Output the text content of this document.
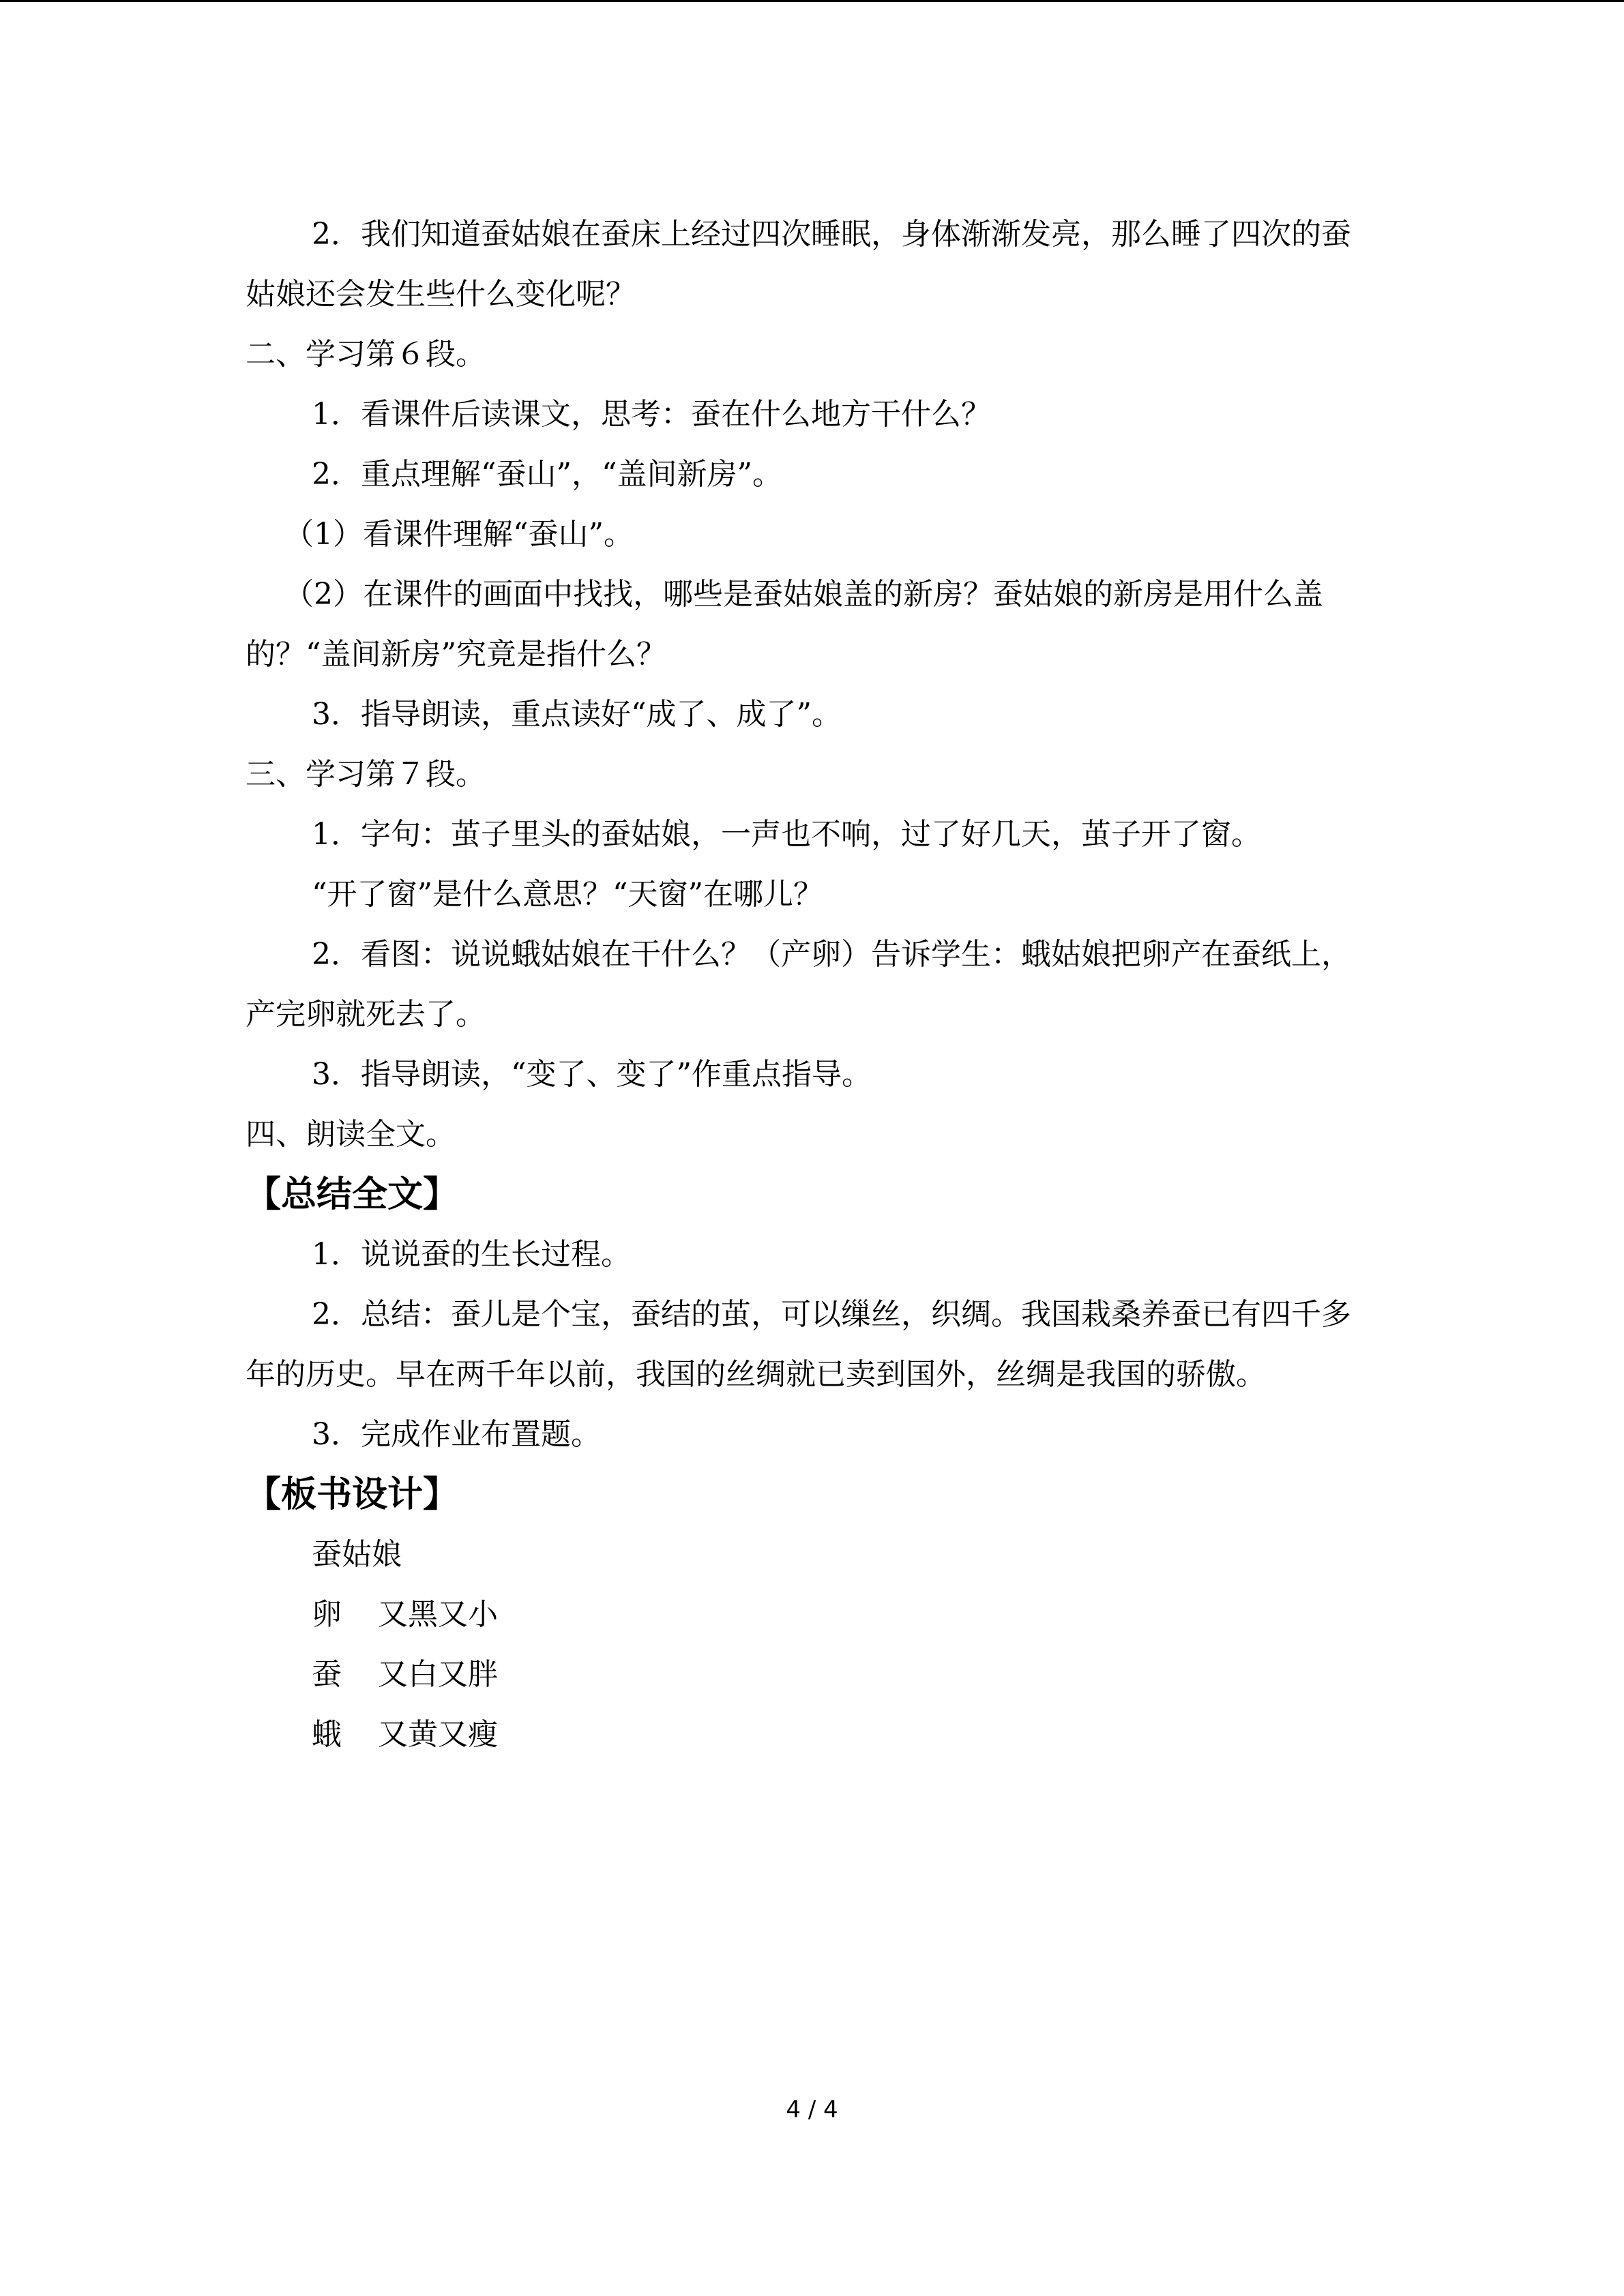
2．我们知道蚕姑娘在蚕床上经过四次睡眠，身体渐渐发亮，那么睡了四次的蚕姑娘还会发生些什么变化呢？
二、学习第６段。
1．看课件后读课文，思考：蚕在什么地方干什么？
2．重点理解“蚕山”，“盖间新房”。
（1）看课件理解“蚕山”。
（2）在课件的画面中找找，哪些是蚕姑娘盖的新房？蚕姑娘的新房是用什么盖的？“盖间新房”究竟是指什么？
3．指导朗读，重点读好“成了、成了”。
三、学习第７段。
1．字句：茧子里头的蚕姑娘，一声也不响，过了好几天，茧子开了窗。
“开了窗”是什么意思？“天窗”在哪儿？
2．看图：说说蛾姑娘在干什么？（产卵）告诉学生：蛾姑娘把卵产在蚕纸上，产完卵就死去了。
3．指导朗读，“变了、变了”作重点指导。
四、朗读全文。
【总结全文】
1．说说蚕的生长过程。
2．总结：蚕儿是个宝，蚕结的茧，可以缫丝，织绸。我国栽桑养蚕已有四千多年的历史。早在两千年以前，我国的丝绸就已卖到国外，丝绸是我国的骄傲。
3．完成作业布置题。
【板书设计】
蚕姑娘
卵 又黑又小
蚕 又白又胖
蛾 又黄又瘦
4 / 4
